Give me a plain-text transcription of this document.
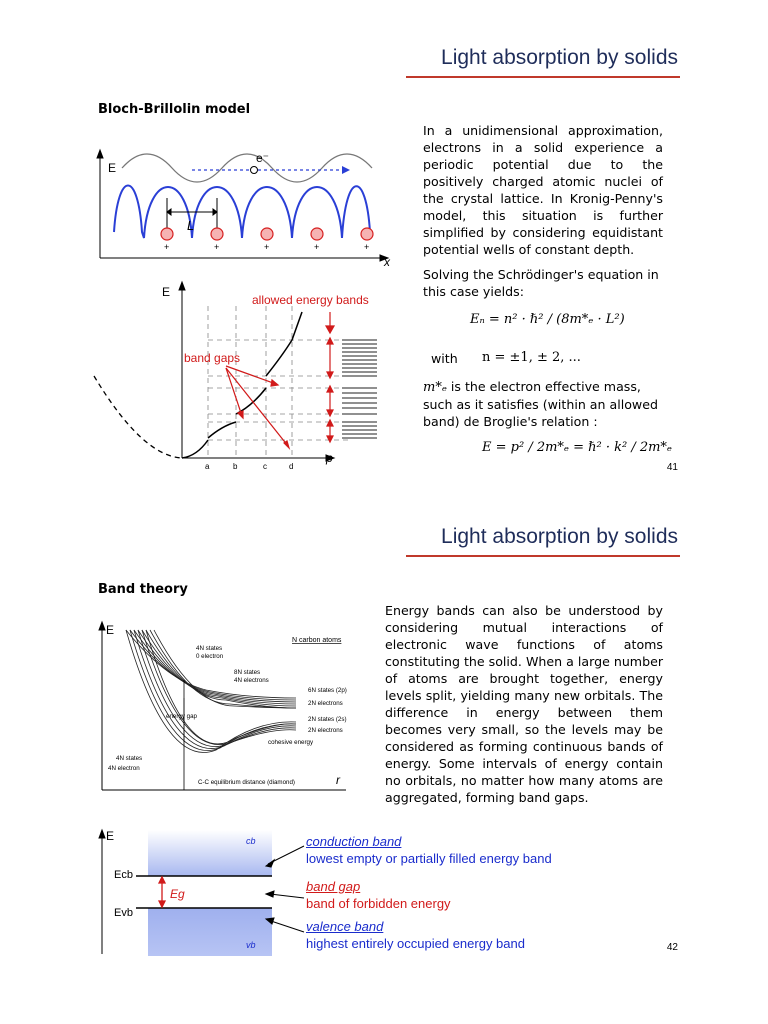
Light absorption by solids
Bloch-Brillolin model
E
x
e⁻
L
+	+	+	+	+
E
p
allowed energy bands
band gaps
a	b	c	d
In a unidimensional approximation, electrons in a solid experience a periodic potential due to the positively charged atomic nuclei of the crystal lattice. In Kronig-Penny's model, this situation is further simplified by considering equidistant potential wells of constant depth.
Solving the Schrödinger's equation in this case yields:
Eₙ = n² · ℏ² / (8m*ₑ · L²)
with n = ±1, ± 2, ...
m*ₑ is the electron effective mass, such as it satisfies (within an allowed band) de Broglie's relation :
E = p² / 2m*ₑ = ℏ² · k² / 2m*ₑ
41
Light absorption by solids
Band theory
E
r
4N states
0 electron
8N states
4N electrons
N carbon atoms
6N states (2p)
2N electrons
2N states (2s)
2N electrons
energy gap
cohesive energy
4N states
4N electron
C-C equilibrium distance (diamond)
Energy bands can also be understood by considering mutual interactions of electronic wave functions of atoms constituting the solid. When a large number of atoms are brought together, energy levels split, yielding many new orbitals. The difference in energy between them becomes very small, so the levels may be considered as forming continuous bands of energy. Some intervals of energy contain no orbitals, no matter how many atoms are aggregated, forming band gaps.
E
Ecb
Evb
Eg
cb
vb
conduction band
lowest empty or partially filled energy band
band gap
band of forbidden energy
valence band
highest entirely occupied energy band	42
